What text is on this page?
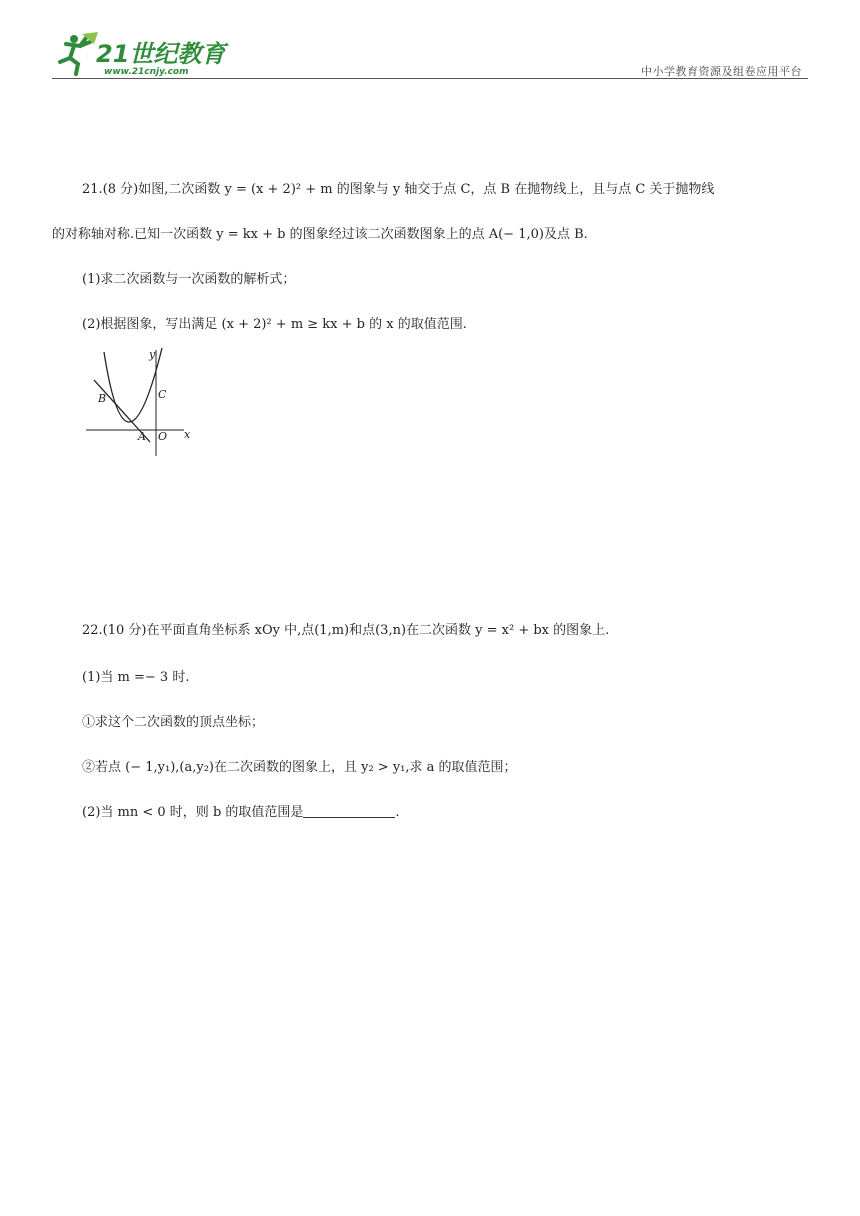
21世纪教育
www.21cnjy.com	中小学教育资源及组卷应用平台
21.(8 分)如图,二次函数 y = (x + 2)² + m 的图象与 y 轴交于点 C，点 B 在抛物线上，且与点 C 关于抛物线
的对称轴对称.已知一次函数 y = kx + b 的图象经过该二次函数图象上的点 A(− 1,0)及点 B.
(1)求二次函数与一次函数的解析式；
(2)根据图象，写出满足 (x + 2)² + m ≥ kx + b 的 x 的取值范围.
y
x
B	C
A O
22.(10 分)在平面直角坐标系 xOy 中,点(1,m)和点(3,n)在二次函数 y = x² + bx 的图象上.
(1)当 m =− 3 时.
①求这个二次函数的顶点坐标；
②若点 (− 1,y₁),(a,y₂)在二次函数的图象上，且 y₂ > y₁,求 a 的取值范围；
(2)当 mn < 0 时，则 b 的取值范围是	.
